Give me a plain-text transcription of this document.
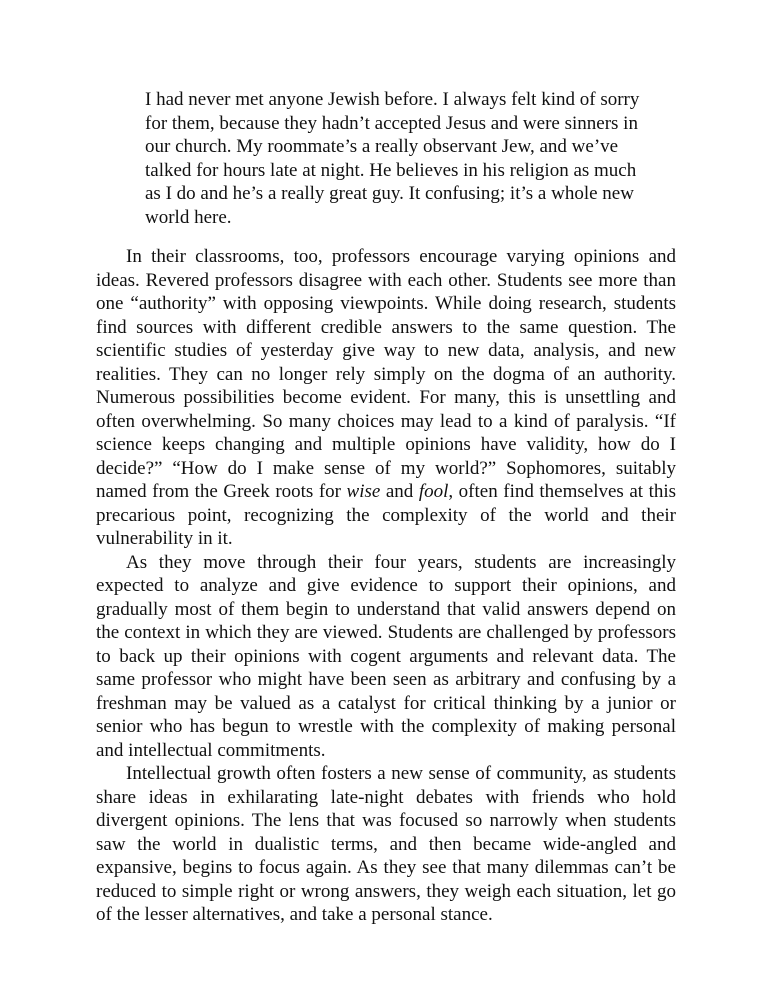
I had never met anyone Jewish before. I always felt kind of sorry for them, because they hadn’t accepted Jesus and were sinners in our church. My roommate’s a really observant Jew, and we’ve talked for hours late at night. He believes in his religion as much as I do and he’s a really great guy. It confusing; it’s a whole new world here.

In their classrooms, too, professors encourage varying opinions and ideas. Revered professors disagree with each other. Students see more than one “authority” with opposing viewpoints. While doing research, students find sources with different credible answers to the same question. The scientific studies of yesterday give way to new data, analysis, and new realities. They can no longer rely simply on the dogma of an authority. Numerous possibilities become evident. For many, this is unsettling and often overwhelming. So many choices may lead to a kind of paralysis. “If science keeps changing and multiple opinions have validity, how do I decide?” “How do I make sense of my world?” Sophomores, suitably named from the Greek roots for wise and fool, often find themselves at this precarious point, recognizing the complexity of the world and their vulnerability in it.

As they move through their four years, students are increasingly expected to analyze and give evidence to support their opinions, and gradually most of them begin to understand that valid answers depend on the context in which they are viewed. Students are challenged by professors to back up their opinions with cogent arguments and relevant data. The same professor who might have been seen as arbitrary and confusing by a freshman may be valued as a catalyst for critical thinking by a junior or senior who has begun to wrestle with the complexity of making personal and intellectual commitments.

Intellectual growth often fosters a new sense of community, as students share ideas in exhilarating late-night debates with friends who hold divergent opinions. The lens that was focused so narrowly when students saw the world in dualistic terms, and then became wide-angled and expansive, begins to focus again. As they see that many dilemmas can’t be reduced to simple right or wrong answers, they weigh each situation, let go of the lesser alternatives, and take a personal stance.
